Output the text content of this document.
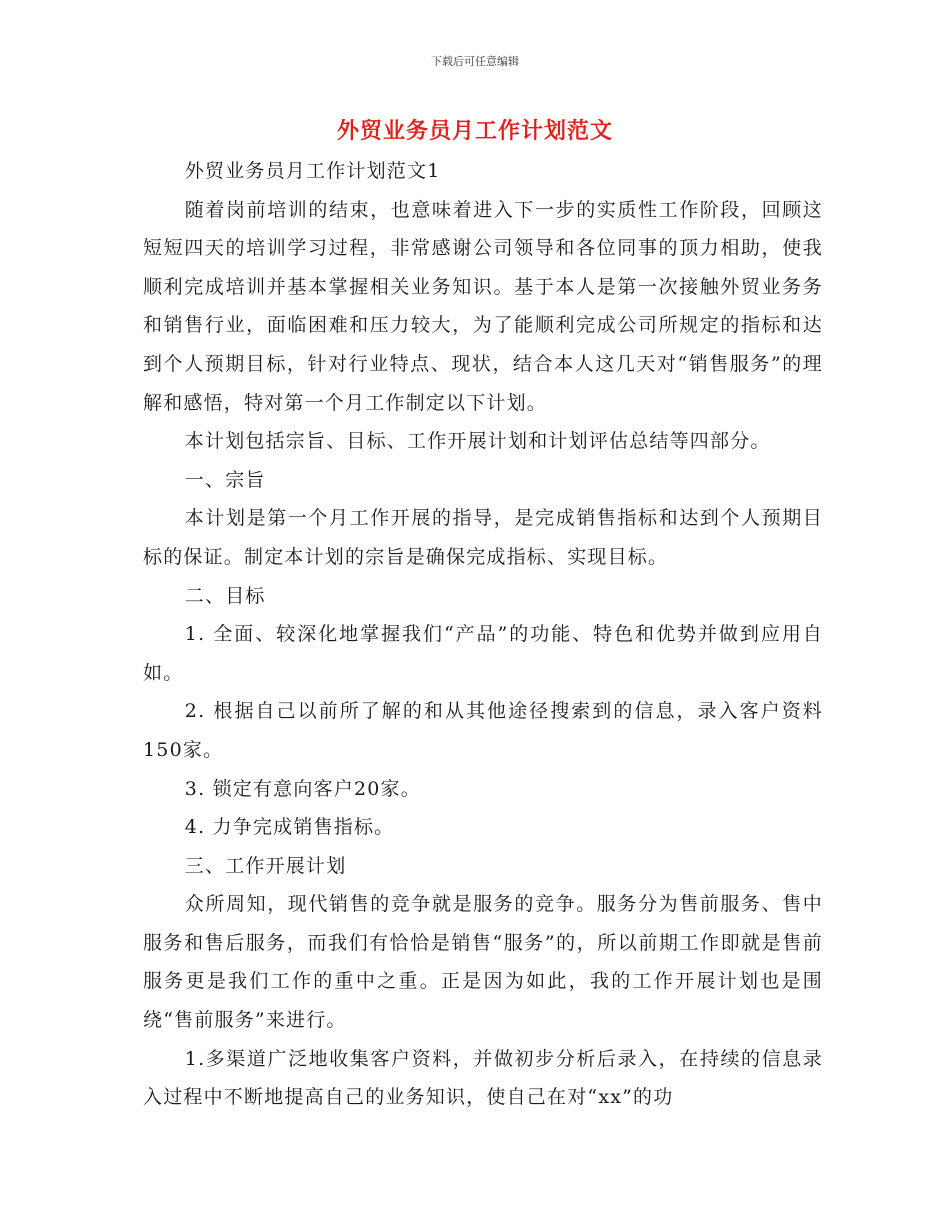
下载后可任意编辑
外贸业务员月工作计划范文

外贸业务员月工作计划范文1

随着岗前培训的结束，也意味着进入下一步的实质性工作阶段，回顾这短短四天的培训学习过程，非常感谢公司领导和各位同事的顶力相助，使我顺利完成培训并基本掌握相关业务知识。基于本人是第一次接触外贸业务务和销售行业，面临困难和压力较大，为了能顺利完成公司所规定的指标和达到个人预期目标，针对行业特点、现状，结合本人这几天对“销售服务”的理解和感悟，特对第一个月工作制定以下计划。

本计划包括宗旨、目标、工作开展计划和计划评估总结等四部分。

一、宗旨

本计划是第一个月工作开展的指导，是完成销售指标和达到个人预期目标的保证。制定本计划的宗旨是确保完成指标、实现目标。

二、目标

1. 全面、较深化地掌握我们“产品”的功能、特色和优势并做到应用自如。

2. 根据自己以前所了解的和从其他途径搜索到的信息，录入客户资料150家。

3. 锁定有意向客户20家。

4. 力争完成销售指标。

三、工作开展计划

众所周知，现代销售的竞争就是服务的竞争。服务分为售前服务、售中服务和售后服务，而我们有恰恰是销售“服务”的，所以前期工作即就是售前服务更是我们工作的重中之重。正是因为如此，我的工作开展计划也是围绕“售前服务”来进行。

1.多渠道广泛地收集客户资料，并做初步分析后录入，在持续的信息录入过程中不断地提高自己的业务知识，使自己在对“xx”的功
